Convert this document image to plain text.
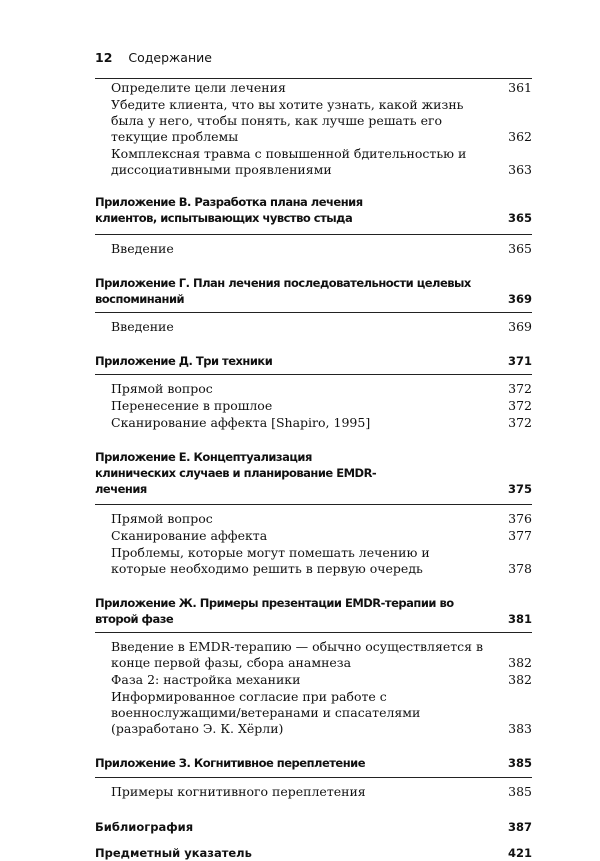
12 Содержание
Определите цели лечения	361
Убедите клиента, что вы хотите узнать, какой жизнь была у него, чтобы понять, как лучше решать его текущие проблемы	362
Комплексная травма с повышенной бдительностью и диссоциативными проявлениями	363
Приложение В. Разработка плана лечения клиентов, испытывающих чувство стыда	365
Введение	365
Приложение Г. План лечения последовательности целевых воспоминаний	369
Введение	369
Приложение Д. Три техники	371
Прямой вопрос	372
Перенесение в прошлое	372
Сканирование аффекта [Shapiro, 1995]	372
Приложение Е. Концептуализация клинических случаев и планирование EMDR-лечения	375
Прямой вопрос	376
Сканирование аффекта	377
Проблемы, которые могут помешать лечению и которые необходимо решить в первую очередь	378
Приложение Ж. Примеры презентации EMDR-терапии во второй фазе	381
Введение в EMDR-терапию — обычно осуществляется в конце первой фазы, сбора анамнеза	382
Фаза 2: настройка механики	382
Информированное согласие при работе с военнослужащими/ветеранами и спасателями (разработано Э. К. Хёрли)	383
Приложение З. Когнитивное переплетение	385
Примеры когнитивного переплетения	385
Библиография	387
Предметный указатель	421
